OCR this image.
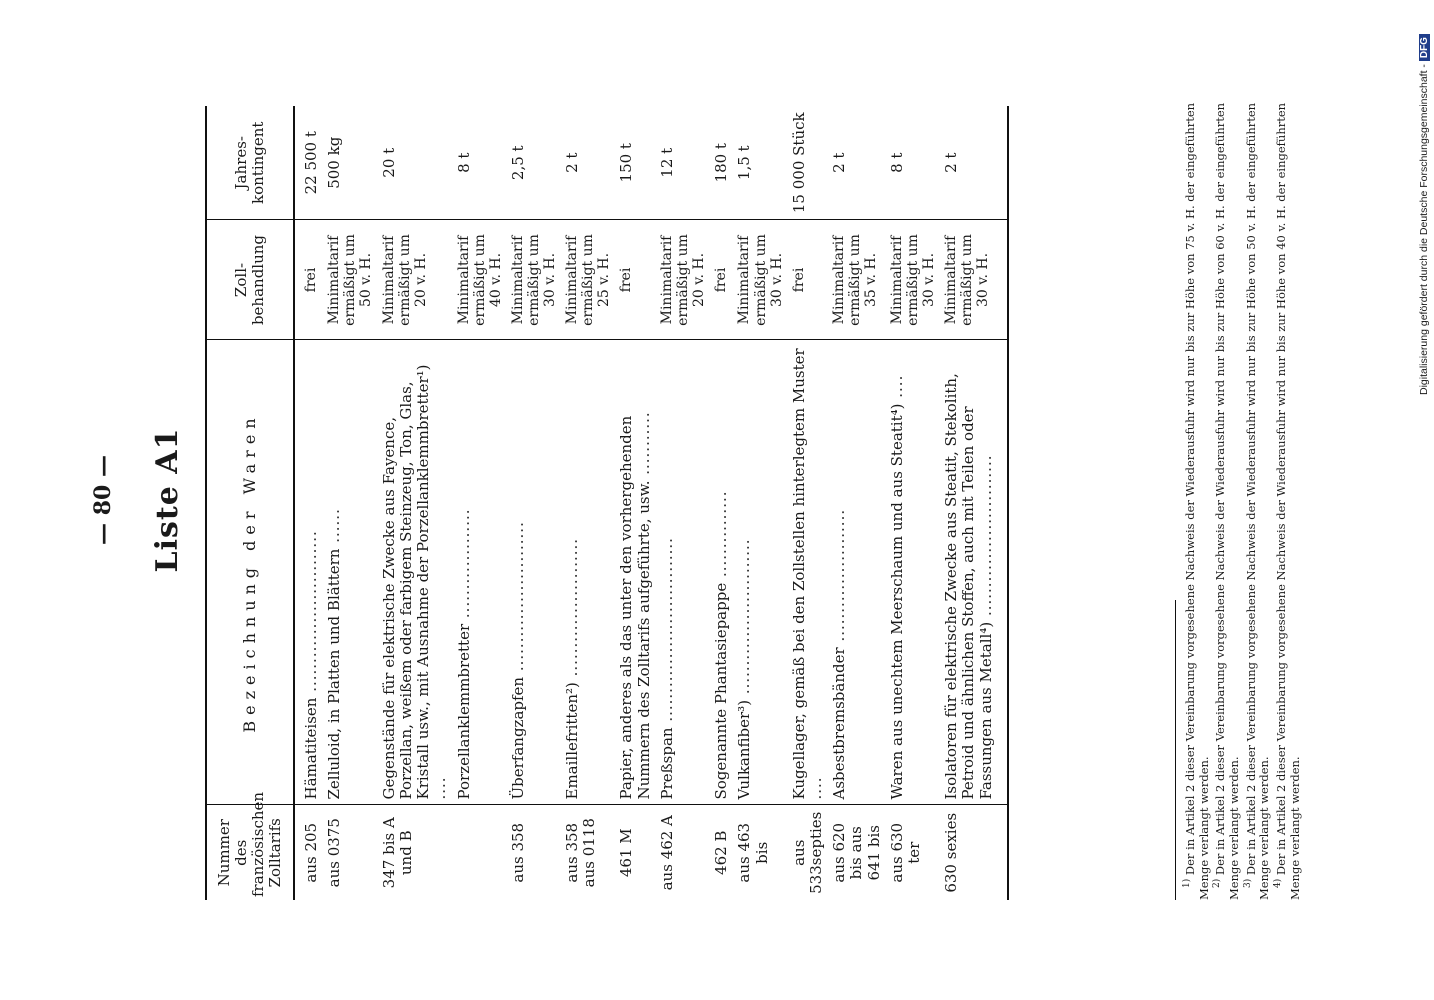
— 80 — Liste A1
Nummer des französischen Zolltarifs	Bezeichnung der Waren	Zoll-behandlung	Jahres-kontingent
aus 205	Hämatiteisen ............................	frei	22 500 t
aus 0375	Zelluloid, in Platten und Blättern ......	Minimaltarif ermäßigt um 50 v. H.	500 kg
347 bis A und B	Gegenstände für elektrische Zwecke aus Fayence, Porzellan, weißem oder farbigem Steinzeug, Ton, Glas, Kristall usw., mit Ausnahme der Porzellanklemmbretter¹) ....	Minimaltarif ermäßigt um 20 v. H.	20 t
	Porzellanklemmbretter ...................	Minimaltarif ermäßigt um 40 v. H.	8 t
aus 358	Überfangzapfen ..........................	Minimaltarif ermäßigt um 30 v. H.	2,5 t
aus 358 aus 0118	Emaillefritten²) ........................	Minimaltarif ermäßigt um 25 v. H.	2 t
461 M	Papier, anderes als das unter den vorhergehenden Nummern des Zolltarifs aufgeführte, usw. ...........	frei	150 t
aus 462 A	Preßspan ................................	Minimaltarif ermäßigt um 20 v. H.	12 t
462 B	Sogenannte Phantasiepappe ...............	frei	180 t
aus 463 bis	Vulkanfiber³) ...........................	Minimaltarif ermäßigt um 30 v. H.	1,5 t
aus 533septies	Kugellager, gemäß bei den Zollstellen hinterlegtem Muster ....	frei	15 000 Stück
aus 620 bis aus 641 bis	Asbestbremsbänder .......................	Minimaltarif ermäßigt um 35 v. H.	2 t
aus 630 ter	Waren aus unechtem Meerschaum und aus Steatit⁴) ....	Minimaltarif ermäßigt um 30 v. H.	8 t
630 sexies	Isolatoren für elektrische Zwecke aus Steatit, Stekolith, Petroid und ähnlichen Stoffen, auch mit Teilen oder Fassungen aus Metall⁴) ............................	Minimaltarif ermäßigt um 30 v. H.	2 t

$^{1)}$ Der in Artikel 2 dieser Vereinbarung vorgesehene Nachweis der Wiederausfuhr wird nur bis zur Höhe von 75 v. H. der eingeführten Menge verlangt werden. $^{2)}$ Der in Artikel 2 dieser Vereinbarung vorgesehene Nachweis der Wiederausfuhr wird nur bis zur Höhe von 60 v. H. der eingeführten Menge verlangt werden. $^{3)}$ Der in Artikel 2 dieser Vereinbarung vorgesehene Nachweis der Wiederausfuhr wird nur bis zur Höhe von 50 v. H. der eingeführten Menge verlangt werden. $^{4)}$ Der in Artikel 2 dieser Vereinbarung vorgesehene Nachweis der Wiederausfuhr wird nur bis zur Höhe von 40 v. H. der eingeführten Menge verlangt werden.

Digitalisierung gefördert durch die Deutsche Forschungsgemeinschaft - DFG
